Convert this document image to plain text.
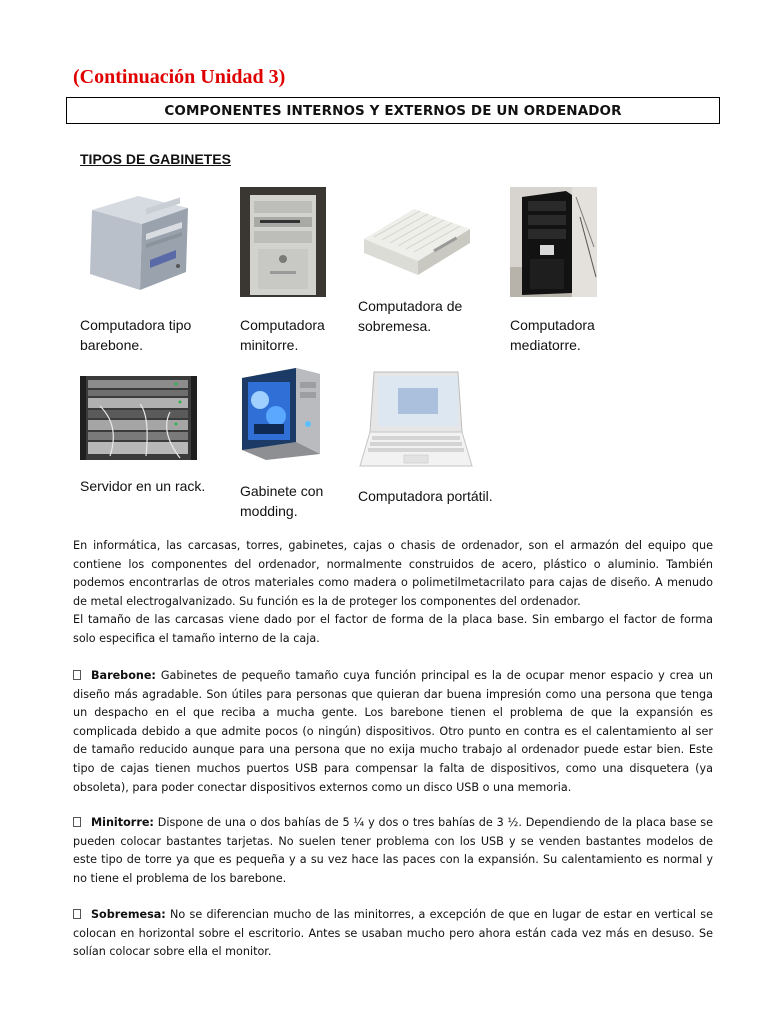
(Continuación Unidad 3)
COMPONENTES INTERNOS Y EXTERNOS DE UN ORDENADOR
TIPOS DE GABINETES
Computadora tipo barebone.
Computadora minitorre.
Computadora de sobremesa.	Computadora mediatorre.
Servidor en un rack.	Gabinete con modding.
Computadora portátil.
En informática, las carcasas, torres, gabinetes, cajas o chasis de ordenador, son el armazón del equipo que contiene los componentes del ordenador, normalmente construidos de acero, plástico o aluminio. También podemos encontrarlas de otros materiales como madera o polimetilmetacrilato para cajas de diseño. A menudo de metal electrogalvanizado. Su función es la de proteger los componentes del ordenador.
El tamaño de las carcasas viene dado por el factor de forma de la placa base. Sin embargo el factor de forma solo especifica el tamaño interno de la caja.
Barebone: Gabinetes de pequeño tamaño cuya función principal es la de ocupar menor espacio y crea un diseño más agradable. Son útiles para personas que quieran dar buena impresión como una persona que tenga un despacho en el que reciba a mucha gente. Los barebone tienen el problema de que la expansión es complicada debido a que admite pocos (o ningún) dispositivos. Otro punto en contra es el calentamiento al ser de tamaño reducido aunque para una persona que no exija mucho trabajo al ordenador puede estar bien. Este tipo de cajas tienen muchos puertos USB para compensar la falta de dispositivos, como una disquetera (ya obsoleta), para poder conectar dispositivos externos como un disco USB o una memoria.
Minitorre: Dispone de una o dos bahías de 5 ¼ y dos o tres bahías de 3 ½. Dependiendo de la placa base se pueden colocar bastantes tarjetas. No suelen tener problema con los USB y se venden bastantes modelos de este tipo de torre ya que es pequeña y a su vez hace las paces con la expansión. Su calentamiento es normal y no tiene el problema de los barebone.
Sobremesa: No se diferencian mucho de las minitorres, a excepción de que en lugar de estar en vertical se colocan en horizontal sobre el escritorio. Antes se usaban mucho pero ahora están cada vez más en desuso. Se solían colocar sobre ella el monitor.
